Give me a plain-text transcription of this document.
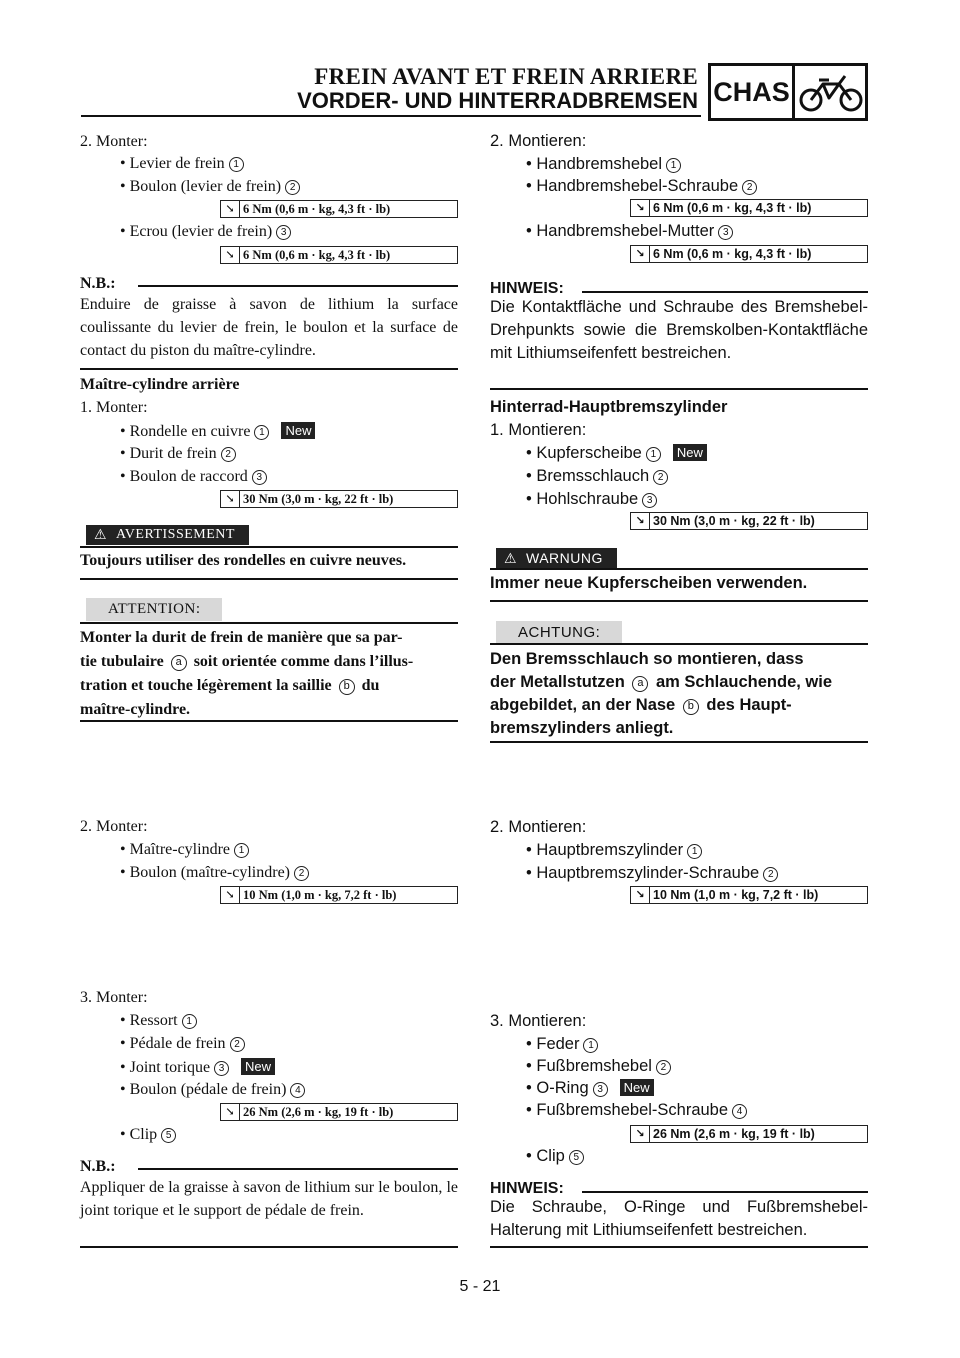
FREIN AVANT ET FREIN ARRIERE
VORDER- UND HINTERRADBREMSEN CHAS
2. Monter:
• Levier de frein 1
• Boulon (levier de frein) 2
↘ 6 Nm (0,6 m · kg, 4,3 ft · lb)
• Ecrou (levier de frein) 3
↘ 6 Nm (0,6 m · kg, 4,3 ft · lb)
N.B.:
Enduire de graisse à savon de lithium la surface coulissante du levier de frein, le boulon et la surface de contact du piston du maître-cylindre.
Maître-cylindre arrière
1. Monter:
• Rondelle en cuivre 1 New
• Durit de frein 2
• Boulon de raccord 3
↘ 30 Nm (3,0 m · kg, 22 ft · lb)
⚠ AVERTISSEMENT
Toujours utiliser des rondelles en cuivre neuves.
ATTENTION:
Monter la durit de frein de manière que sa par-
tie tubulaire a soit orientée comme dans l’illus-
tration et touche légèrement la saillie b du
maître-cylindre.
2. Monter:
• Maître-cylindre 1
• Boulon (maître-cylindre) 2
↘ 10 Nm (1,0 m · kg, 7,2 ft · lb)
3. Monter:
• Ressort 1
• Pédale de frein 2
• Joint torique 3 New
• Boulon (pédale de frein) 4
↘ 26 Nm (2,6 m · kg, 19 ft · lb)
• Clip 5
N.B.:
Appliquer de la graisse à savon de lithium sur le boulon, le joint torique et le support de pédale de frein.
2. Montieren:
• Handbremshebel 1
• Handbremshebel-Schraube 2
↘ 6 Nm (0,6 m · kg, 4,3 ft · lb)
• Handbremshebel-Mutter 3
↘ 6 Nm (0,6 m · kg, 4,3 ft · lb)
HINWEIS:
Die Kontaktfläche und Schraube des Bremshebel-Drehpunkts sowie die Bremskolben-Kontaktfläche mit Lithiumseifenfett bestreichen.
Hinterrad-Hauptbremszylinder
1. Montieren:
• Kupferscheibe 1 New
• Bremsschlauch 2
• Hohlschraube 3
↘ 30 Nm (3,0 m · kg, 22 ft · lb)
⚠ WARNUNG
Immer neue Kupferscheiben verwenden.
ACHTUNG:
Den Bremsschlauch so montieren, dass
der Metallstutzen a am Schlauchende, wie
abgebildet, an der Nase b des Haupt-
bremszylinders anliegt.
2. Montieren:
• Hauptbremszylinder 1
• Hauptbremszylinder-Schraube 2
↘ 10 Nm (1,0 m · kg, 7,2 ft · lb)
3. Montieren:
• Feder 1
• Fußbremshebel 2
• O-Ring 3 New
• Fußbremshebel-Schraube 4
↘ 26 Nm (2,6 m · kg, 19 ft · lb)
• Clip 5
HINWEIS:
Die Schraube, O-Ringe und Fußbremshebel-Halterung mit Lithiumseifenfett bestreichen.
5 - 21
